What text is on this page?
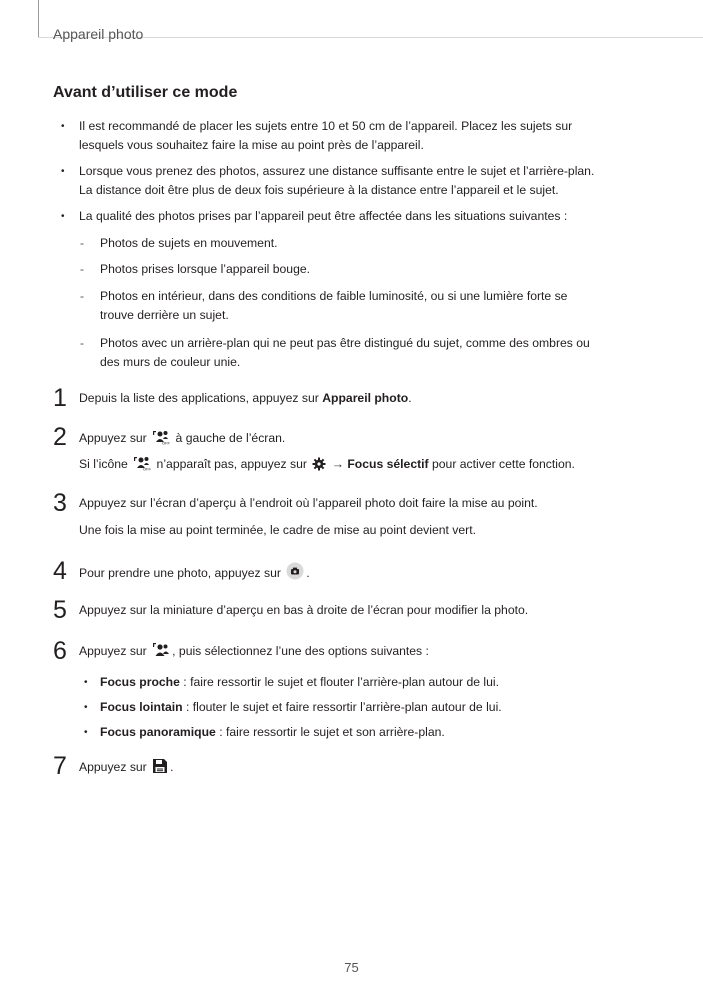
Appareil photo
Avant d’utiliser ce mode
• Il est recommandé de placer les sujets entre 10 et 50 cm de l’appareil. Placez les sujets sur
lesquels vous souhaitez faire la mise au point près de l’appareil.
• Lorsque vous prenez des photos, assurez une distance suffisante entre le sujet et l’arrière-plan.
La distance doit être plus de deux fois supérieure à la distance entre l’appareil et le sujet.
• La qualité des photos prises par l’appareil peut être affectée dans les situations suivantes :
- Photos de sujets en mouvement.
- Photos prises lorsque l’appareil bouge.
- Photos en intérieur, dans des conditions de faible luminosité, ou si une lumière forte se
trouve derrière un sujet.
- Photos avec un arrière-plan qui ne peut pas être distingué du sujet, comme des ombres ou
des murs de couleur unie.
1 Depuis la liste des applications, appuyez sur Appareil photo.
2 Appuyez sur	OFF à gauche de l’écran.
Si l’icône	OFF n’apparaît pas, appuyez sur  → Focus sélectif pour activer cette fonction.
3 Appuyez sur l’écran d’aperçu à l’endroit où l’appareil photo doit faire la mise au point.
Une fois la mise au point terminée, le cadre de mise au point devient vert.
4 Pour prendre une photo, appuyez sur .
5 Appuyez sur la miniature d’aperçu en bas à droite de l’écran pour modifier la photo.
6 Appuyez sur , puis sélectionnez l’une des options suivantes :
• Focus proche : faire ressortir le sujet et flouter l’arrière-plan autour de lui.
• Focus lointain : flouter le sujet et faire ressortir l’arrière-plan autour de lui.
• Focus panoramique : faire ressortir le sujet et son arrière-plan.
7 Appuyez sur .
75
